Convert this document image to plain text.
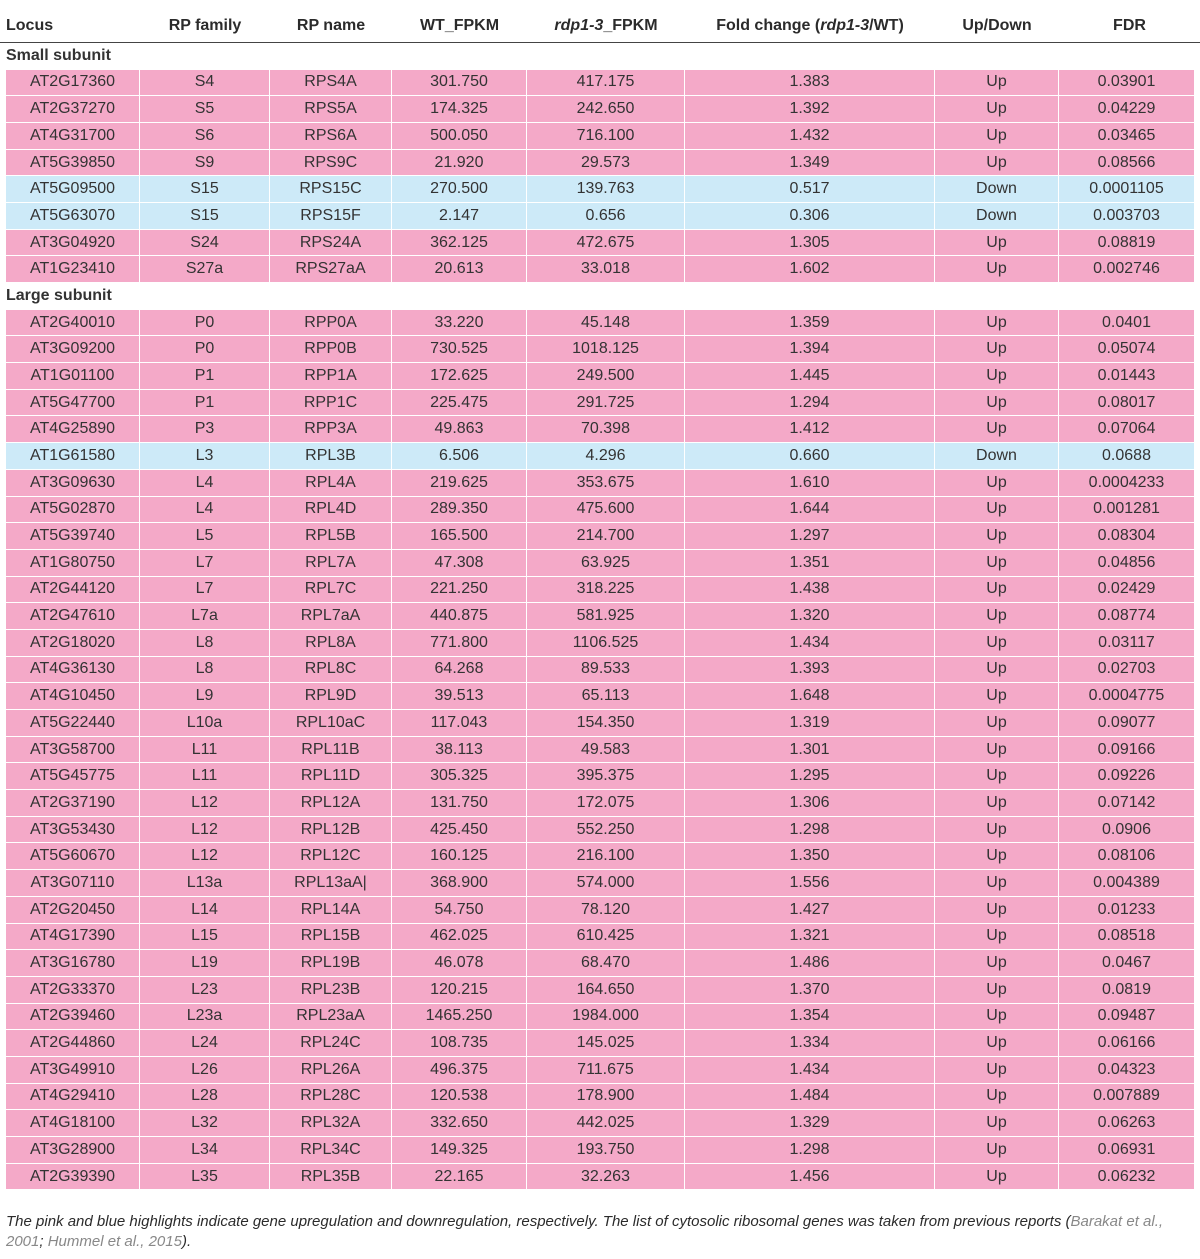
Locus	RP family	RP name	WT_FPKM	rdp1-3_FPKM	Fold change (rdp1-3/WT)	Up/Down	FDR
Small subunit							
AT2G17360	S4	RPS4A	301.750	417.175	1.383	Up	0.03901
AT2G37270	S5	RPS5A	174.325	242.650	1.392	Up	0.04229
AT4G31700	S6	RPS6A	500.050	716.100	1.432	Up	0.03465
AT5G39850	S9	RPS9C	21.920	29.573	1.349	Up	0.08566
AT5G09500	S15	RPS15C	270.500	139.763	0.517	Down	0.0001105
AT5G63070	S15	RPS15F	2.147	0.656	0.306	Down	0.003703
AT3G04920	S24	RPS24A	362.125	472.675	1.305	Up	0.08819
AT1G23410	S27a	RPS27aA	20.613	33.018	1.602	Up	0.002746
Large subunit							
AT2G40010	P0	RPP0A	33.220	45.148	1.359	Up	0.0401
AT3G09200	P0	RPP0B	730.525	1018.125	1.394	Up	0.05074
AT1G01100	P1	RPP1A	172.625	249.500	1.445	Up	0.01443
AT5G47700	P1	RPP1C	225.475	291.725	1.294	Up	0.08017
AT4G25890	P3	RPP3A	49.863	70.398	1.412	Up	0.07064
AT1G61580	L3	RPL3B	6.506	4.296	0.660	Down	0.0688
AT3G09630	L4	RPL4A	219.625	353.675	1.610	Up	0.0004233
AT5G02870	L4	RPL4D	289.350	475.600	1.644	Up	0.001281
AT5G39740	L5	RPL5B	165.500	214.700	1.297	Up	0.08304
AT1G80750	L7	RPL7A	47.308	63.925	1.351	Up	0.04856
AT2G44120	L7	RPL7C	221.250	318.225	1.438	Up	0.02429
AT2G47610	L7a	RPL7aA	440.875	581.925	1.320	Up	0.08774
AT2G18020	L8	RPL8A	771.800	1106.525	1.434	Up	0.03117
AT4G36130	L8	RPL8C	64.268	89.533	1.393	Up	0.02703
AT4G10450	L9	RPL9D	39.513	65.113	1.648	Up	0.0004775
AT5G22440	L10a	RPL10aC	117.043	154.350	1.319	Up	0.09077
AT3G58700	L11	RPL11B	38.113	49.583	1.301	Up	0.09166
AT5G45775	L11	RPL11D	305.325	395.375	1.295	Up	0.09226
AT2G37190	L12	RPL12A	131.750	172.075	1.306	Up	0.07142
AT3G53430	L12	RPL12B	425.450	552.250	1.298	Up	0.0906
AT5G60670	L12	RPL12C	160.125	216.100	1.350	Up	0.08106
AT3G07110	L13a	RPL13aA|	368.900	574.000	1.556	Up	0.004389
AT2G20450	L14	RPL14A	54.750	78.120	1.427	Up	0.01233
AT4G17390	L15	RPL15B	462.025	610.425	1.321	Up	0.08518
AT3G16780	L19	RPL19B	46.078	68.470	1.486	Up	0.0467
AT2G33370	L23	RPL23B	120.215	164.650	1.370	Up	0.0819
AT2G39460	L23a	RPL23aA	1465.250	1984.000	1.354	Up	0.09487
AT2G44860	L24	RPL24C	108.735	145.025	1.334	Up	0.06166
AT3G49910	L26	RPL26A	496.375	711.675	1.434	Up	0.04323
AT4G29410	L28	RPL28C	120.538	178.900	1.484	Up	0.007889
AT4G18100	L32	RPL32A	332.650	442.025	1.329	Up	0.06263
AT3G28900	L34	RPL34C	149.325	193.750	1.298	Up	0.06931
AT2G39390	L35	RPL35B	22.165	32.263	1.456	Up	0.06232
The pink and blue highlights indicate gene upregulation and downregulation, respectively. The list of cytosolic ribosomal genes was taken from previous reports (Barakat et al., 2001; Hummel et al., 2015).
